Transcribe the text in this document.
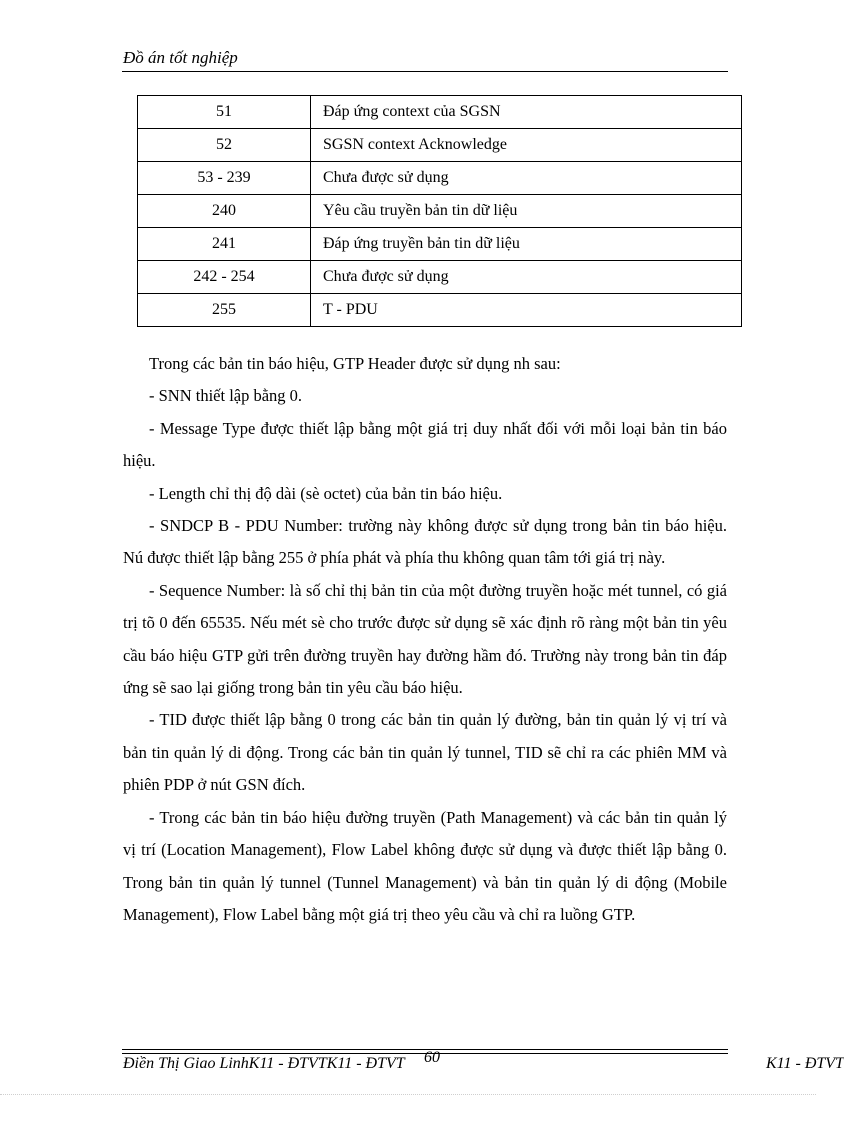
Đồ án tốt nghiệp
51	Đáp ứng context của SGSN
52	SGSN context Acknowledge
53 - 239	Chưa được sử dụng
240	Yêu cầu truyền bản tin dữ liệu
241	Đáp ứng truyền bản tin dữ liệu
242 - 254	Chưa được sử dụng
255	T - PDU

Trong các bản tin báo hiệu, GTP Header được sử dụng nh sau:

- SNN thiết lập bằng 0.

- Message Type được thiết lập bằng một giá trị duy nhất đối với mỗi loại bản tin báo hiệu.

- Length chỉ thị độ dài (sè octet) của bản tin báo hiệu.

- SNDCP B - PDU Number: trường này không được sử dụng trong bản tin báo hiệu. Nú được thiết lập bằng 255 ở phía phát và phía thu không quan tâm tới giá trị này.

- Sequence Number: là số chỉ thị bản tin của một đường truyền hoặc mét tunnel, có giá trị tõ 0 đến 65535. Nếu mét sè cho trước được sử dụng sẽ xác định rõ ràng một bản tin yêu cầu báo hiệu GTP gửi trên đường truyền hay đường hầm đó. Trường này trong bản tin đáp ứng sẽ sao lại giống trong bản tin yêu cầu báo hiệu.

- TID được thiết lập bằng 0 trong các bản tin quản lý đường, bản tin quản lý vị trí và bản tin quản lý di động. Trong các bản tin quản lý tunnel, TID sẽ chỉ ra các phiên MM và phiên PDP ở nút GSN đích.

- Trong các bản tin báo hiệu đường truyền (Path Management) và các bản tin quản lý vị trí (Location Management), Flow Label không được sử dụng và được thiết lập bằng 0. Trong bản tin quản lý tunnel (Tunnel Management) và bản tin quản lý di động (Mobile Management), Flow Label bằng một giá trị theo yêu cầu và chỉ ra luồng GTP.

Điền Thị Giao LinhK11 - ĐTVTK11 - ĐTVT 60	K11 - ĐTVT
